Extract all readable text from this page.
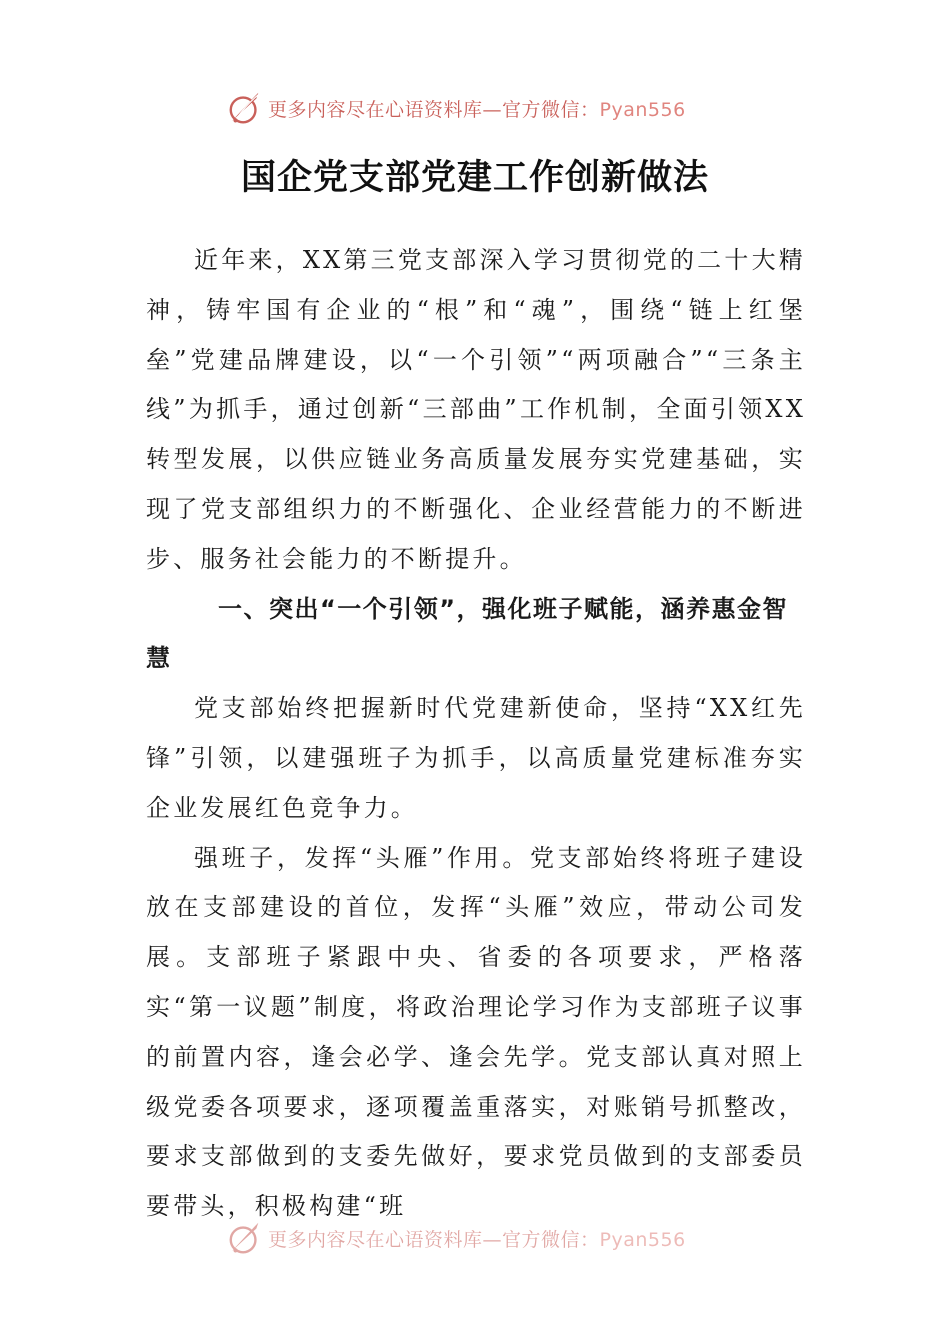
更多内容尽在心语资料库—官方微信：Pyan556
国企党支部党建工作创新做法

近年来，XX第三党支部深入学习贯彻党的二十大精神，铸牢国有企业的“根”和“魂”，围绕“链上红堡垒”党建品牌建设，以“一个引领”“两项融合”“三条主线”为抓手，通过创新“三部曲”工作机制，全面引领XX转型发展，以供应链业务高质量发展夯实党建基础，实现了党支部组织力的不断强化、企业经营能力的不断进步、服务社会能力的不断提升。

一、突出“一个引领”，强化班子赋能，涵养惠金智慧

党支部始终把握新时代党建新使命，坚持“XX红先锋”引领，以建强班子为抓手，以高质量党建标准夯实企业发展红色竞争力。

强班子，发挥“头雁”作用。党支部始终将班子建设放在支部建设的首位，发挥“头雁”效应，带动公司发展。支部班子紧跟中央、省委的各项要求，严格落实“第一议题”制度，将政治理论学习作为支部班子议事的前置内容，逢会必学、逢会先学。党支部认真对照上级党委各项要求，逐项覆盖重落实，对账销号抓整改，要求支部做到的支委先做好，要求党员做到的支部委员要带头，积极构建“班

更多内容尽在心语资料库—官方微信：Pyan556
